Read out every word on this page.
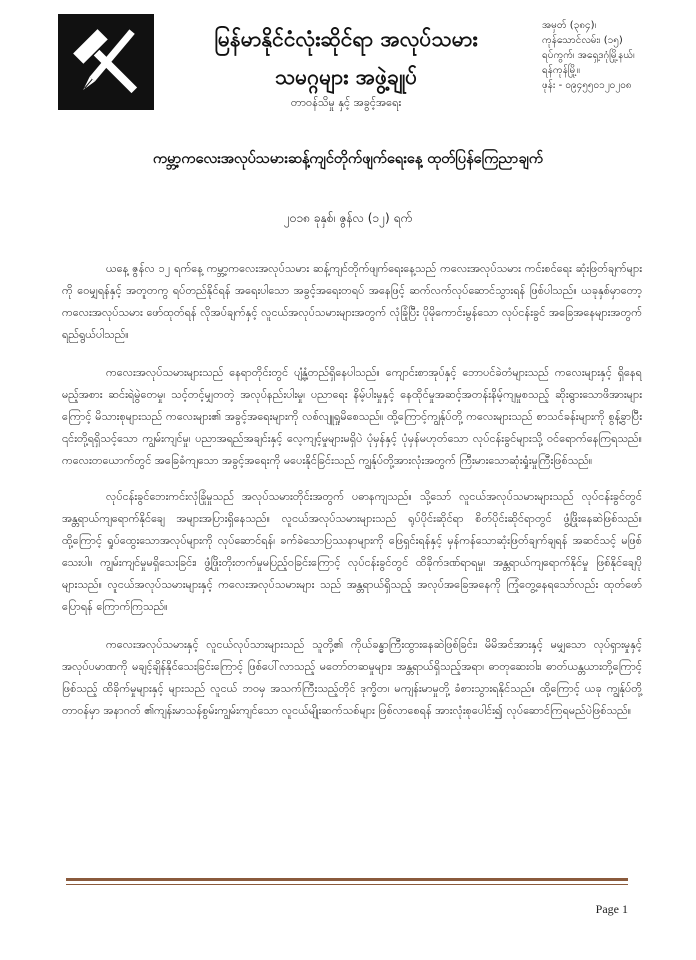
မြန်မာနိုင်ငံလုံးဆိုင်ရာ အလုပ်သမား
သမဂ္ဂများ အဖွဲ့ချုပ်
တာဝန်သိမှု နှင့် အခွင့်အရေး
အမှတ် (၃၈၄)၊
ကုန်သောင်လမ်း၊ (၁၅)
ရပ်ကွက်၊ အရှေ့ဒဂုံမြို့နယ်၊
ရန်ကုန်မြို့။
ဖုန်း - ၀၉၄၅၅၀၁၂၀၂၀၈
ကမ္ဘာ့ကလေးအလုပ်သမားဆန့်ကျင်တိုက်ဖျက်ရေးနေ့ ထုတ်ပြန်ကြေညာချက်
၂၀၁၈ ခုနှစ်၊ ဇွန်လ (၁၂) ရက်

ယနေ့ ဇွန်လ ၁၂ ရက်နေ့ ကမ္ဘာ့ကလေးအလုပ်သမား ဆန့်ကျင်တိုက်ဖျက်ရေးနေ့သည် ကလေးအလုပ်သမား ကင်းစင်ရေး ဆုံးဖြတ်ချက်များကို ဝေမျှရန်နှင့် အတူတကွ ရပ်တည်နိုင်ရန် အရေးပါသော အခွင့်အရေးတရပ် အနေဖြင့် ဆက်လက်လုပ်ဆောင်သွားရန် ဖြစ်ပါသည်။ ယခုနှစ်မှာတော့ ကလေးအလုပ်သမား ဖော်ထုတ်ရန် လိုအပ်ချက်နှင့် လူငယ်အလုပ်သမားများအတွက် လုံခြုံပြီး ပိုမိုကောင်းမွန်သော လုပ်ငန်းခွင် အခြေအနေများအတွက် ရည်ရွယ်ပါသည်။

ကလေးအလုပ်သမားများသည် နေရာတိုင်းတွင် ပျံ့နှံ့တည်ရှိနေပါသည်။ ကျောင်းစာအုပ်နှင့် ဘောပင်ခဲတံများသည် ကလေးများနှင့် ရှိနေရမည့်အစား ဆင်းရဲမွဲတေမှု၊ သင့်တင့်မျှတတဲ့ အလုပ်နည်းပါးမှု၊ ပညာရေး နိမ့်ပါးမှုနှင့် နေထိုင်မှုအဆင့်အတန်းနိမ့်ကျမှုစသည့် ဆိုးရွားသောဖိအားများကြောင့် မိသားစုများသည် ကလေးများ၏ အခွင့်အရေးများကို လစ်လျူရှုမိစေသည်။ ထို့ကြောင့်ကျွန်ုပ်တို့ ကလေးများသည် စာသင်ခန်းများကို စွန့်ခွာပြီး ၎င်းတို့ရရှိသင့်သော ကျွမ်းကျင်မှု၊ ပညာအရည်အချင်းနှင့် လေ့ကျင့်မှုများမရှိပဲ ပုံမှန်နှင့် ပုံမှန်မဟုတ်သော လုပ်ငန်းခွင်များသို့ ဝင်ရောက်နေကြရသည်။ ကလေးတယောက်တွင် အခြေခံကျသော အခွင့်အရေးကို မပေးနိုင်ခြင်းသည် ကျွန်ုပ်တို့အားလုံးအတွက် ကြီးမားသောဆုံးရှုံးမှုကြီးဖြစ်သည်။

လုပ်ငန်းခွင်ဘေးကင်းလုံခြုံမှုသည် အလုပ်သမားတိုင်းအတွက် ပဓာနကျသည်။ သို့သော် လူငယ်အလုပ်သမားများသည် လုပ်ငန်းခွင်တွင် အန္တရာယ်ကျရောက်နိုင်ချေ အများအပြားရှိနေသည်။ လူငယ်အလုပ်သမားများသည် ရုပ်ပိုင်းဆိုင်ရာ စိတ်ပိုင်းဆိုင်ရာတွင် ဖွံ့ဖြိုးနေဆဲဖြစ်သည်။ ထို့ကြောင့် ရှုပ်ထွေးသောအလုပ်များကို လုပ်ဆောင်ရန်၊ ခက်ခဲသောပြဿနာများကို ဖြေရှင်းရန်နှင့် မှန်ကန်သောဆုံးဖြတ်ချက်ချရန် အဆင်သင့် မဖြစ်သေးပါ။ ကျွမ်းကျင်မှုမရှိသေးခြင်း၊ ဖွံ့ဖြိုးတိုးတက်မှုမပြည့်ဝခြင်းကြောင့် လုပ်ငန်းခွင်တွင် ထိခိုက်ဒဏ်ရာရမှု၊ အန္တရာယ်ကျရောက်နိုင်မှု ဖြစ်နိုင်ချေပိုများသည်။ လူငယ်အလုပ်သမားများနှင့် ကလေးအလုပ်သမားများ သည် အန္တရာယ်ရှိသည့် အလုပ်အခြေအနေကို ကြုံတွေ့နေရသော်လည်း ထုတ်ဖော်ပြောရန် ကြောက်ကြသည်။

ကလေးအလုပ်သမားနှင့် လူငယ်လုပ်သားများသည် သူတို့၏ ကိုယ်ခန္ဓာကြီးထွားနေဆဲဖြစ်ခြင်း၊ မိမိအင်အားနှင့် မမျှသော လုပ်ရှားမှုနှင့် အလုပ်ပမာဏကို မချင့်ချိန်နိုင်သေးခြင်းကြောင့် ဖြစ်ပေါ်လာသည့် မတော်တဆမှုများ၊ အန္တရာယ်ရှိသည့်အရာ၊ ဓာတုဆေးဝါး၊ ဓာတ်ယန္တယားတို့ကြောင့်ဖြစ်သည့် ထိခိုက်မှုများနှင့် များသည် လူငယ် ဘဝမှ အသက်ကြီးသည့်တိုင် ဒုက္ခိတ၊ မကျန်းမာမှုတို့ ခံစားသွားရနိုင်သည်။ ထို့ကြောင့် ယခု ကျွန်ုပ်တို့တာဝန်မှာ အနာဂတ် ၏ကျန်းမာသန်စွမ်းကျွမ်းကျင်သော လူငယ်မျိုးဆက်သစ်များ ဖြစ်လာစေရန် အားလုံးစုပေါင်း၍ လုပ်ဆောင်ကြရမည်ပဲဖြစ်သည်။

Page 1
